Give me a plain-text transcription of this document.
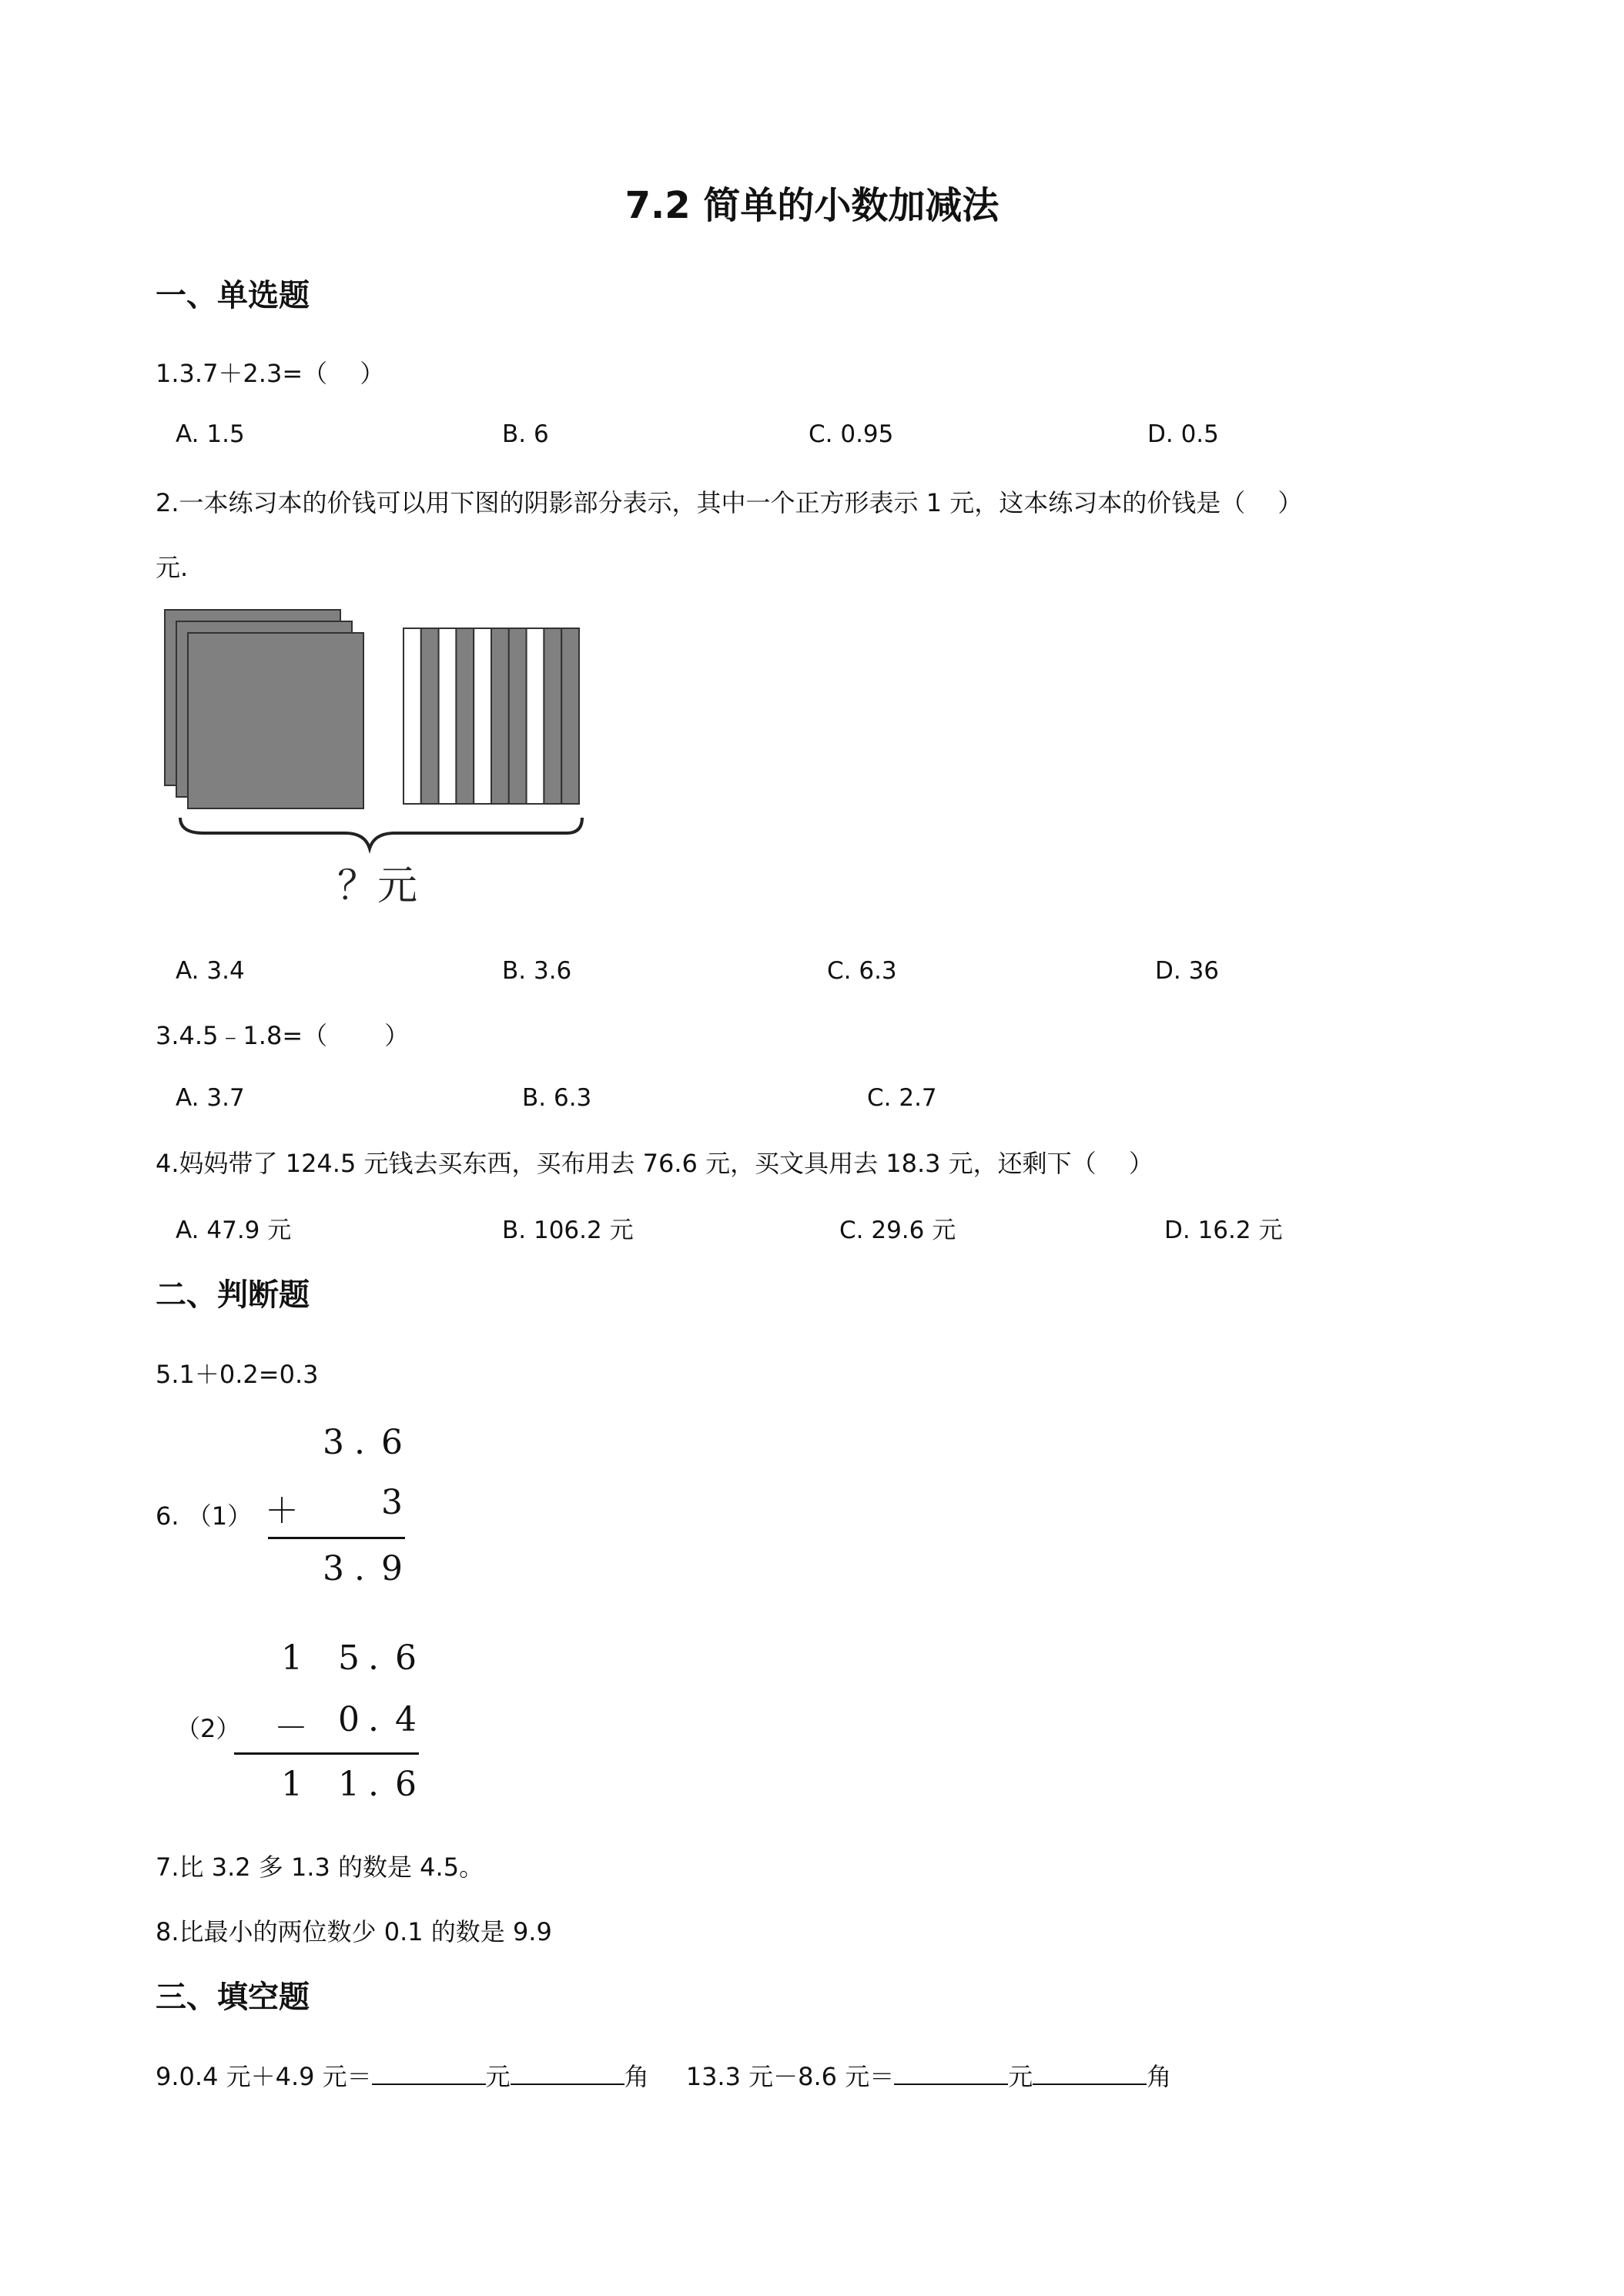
7.2 简单的小数加减法
一、单选题
1.3.7＋2.3=（　 ）
A. 1.5	B. 6	C. 0.95	D. 0.5
2.一本练习本的价钱可以用下图的阴影部分表示，其中一个正方形表示 1 元，这本练习本的价钱是（　 ）
元.
？元
A. 3.4	B. 3.6	C. 6.3	D. 36
3.4.5﹣1.8=（　　 ）
A. 3.7	B. 6.3	C. 2.7
4.妈妈带了 124.5 元钱去买东西，买布用去 76.6 元，买文具用去 18.3 元，还剩下（　 ）
A. 47.9 元	B. 106.2 元	C. 29.6 元	D. 16.2 元
二、判断题
5.1＋0.2=0.3
6. （1）
3 . 6
＋ 3
3 . 9
（2）
1 5 . 6
－ 0 . 4
1 1 . 6
7.比 3.2 多 1.3 的数是 4.5。
8.比最小的两位数少 0.1 的数是 9.9
三、填空题
9.0.4 元＋4.9 元＝	元	角 13.3 元－8.6 元＝	元	角
